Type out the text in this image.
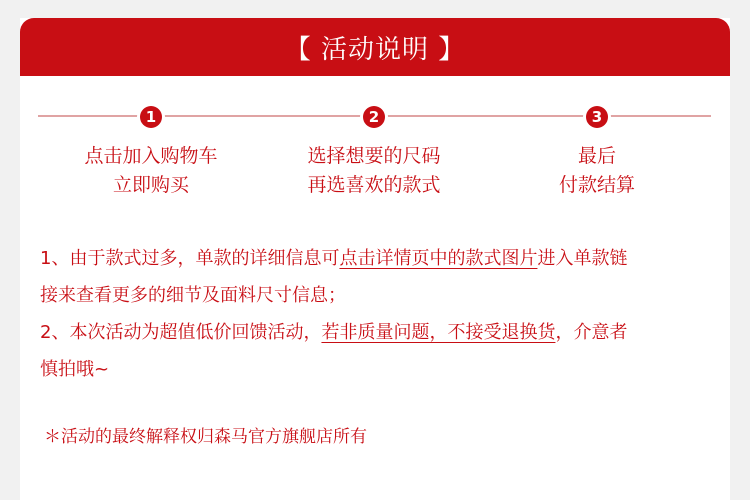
【 活动说明 】
1	2	3
点击加入购物车
立即购买
选择想要的尺码
再选喜欢的款式
最后
付款结算
1、由于款式过多，单款的详细信息可点击详情页中的款式图片进入单款链
接来查看更多的细节及面料尺寸信息；
2、本次活动为超值低价回馈活动，若非质量问题，不接受退换货，介意者
慎拍哦~
＊活动的最终解释权归森马官方旗舰店所有
